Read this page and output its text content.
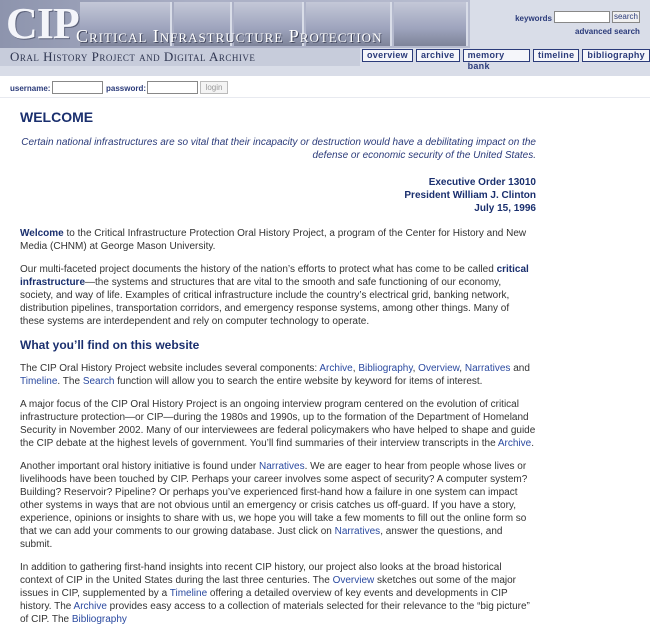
CIP
Critical Infrastructure Protection
Oral History Project and Digital Archive
keywords	search
advanced search
overview	archive	memory bank
timeline	bibliography
username:	password:	login
WELCOME

Certain national infrastructures are so vital that their incapacity or destruction would have a debilitating impact on the defense or economic security of the United States.

Executive Order 13010
President William J. Clinton
July 15, 1996

Welcome to the Critical Infrastructure Protection Oral History Project, a program of the Center for History and New Media (CHNM) at George Mason University.

Our multi-faceted project documents the history of the nation’s efforts to protect what has come to be called critical infrastructure—the systems and structures that are vital to the smooth and safe functioning of our economy, society, and way of life. Examples of critical infrastructure include the country’s electrical grid, banking network, distribution pipelines, transportation corridors, and emergency response systems, among other things. Many of these systems are interdependent and rely on computer technology to operate.

What you’ll find on this website

The CIP Oral History Project website includes several components: Archive, Bibliography, Overview, Narratives and Timeline. The Search function will allow you to search the entire website by keyword for items of interest.

A major focus of the CIP Oral History Project is an ongoing interview program centered on the evolution of critical infrastructure protection—or CIP—during the 1980s and 1990s, up to the formation of the Department of Homeland Security in November 2002. Many of our interviewees are federal policymakers who have helped to shape and guide the CIP debate at the highest levels of government. You’ll find summaries of their interview transcripts in the Archive.

Another important oral history initiative is found under Narratives. We are eager to hear from people whose lives or livelihoods have been touched by CIP. Perhaps your career involves some aspect of security? A computer system? Building? Reservoir? Pipeline? Or perhaps you’ve experienced first-hand how a failure in one system can impact other systems in ways that are not obvious until an emergency or crisis catches us off-guard. If you have a story, experience, opinions or insights to share with us, we hope you will take a few moments to fill out the online form so that we can add your comments to our growing database. Just click on Narratives, answer the questions, and submit.

In addition to gathering first-hand insights into recent CIP history, our project also looks at the broad historical context of CIP in the United States during the last three centuries. The Overview sketches out some of the major issues in CIP, supplemented by a Timeline offering a detailed overview of key events and developments in CIP history. The Archive provides easy access to a collection of materials selected for their relevance to the “big picture” of CIP. The Bibliography
